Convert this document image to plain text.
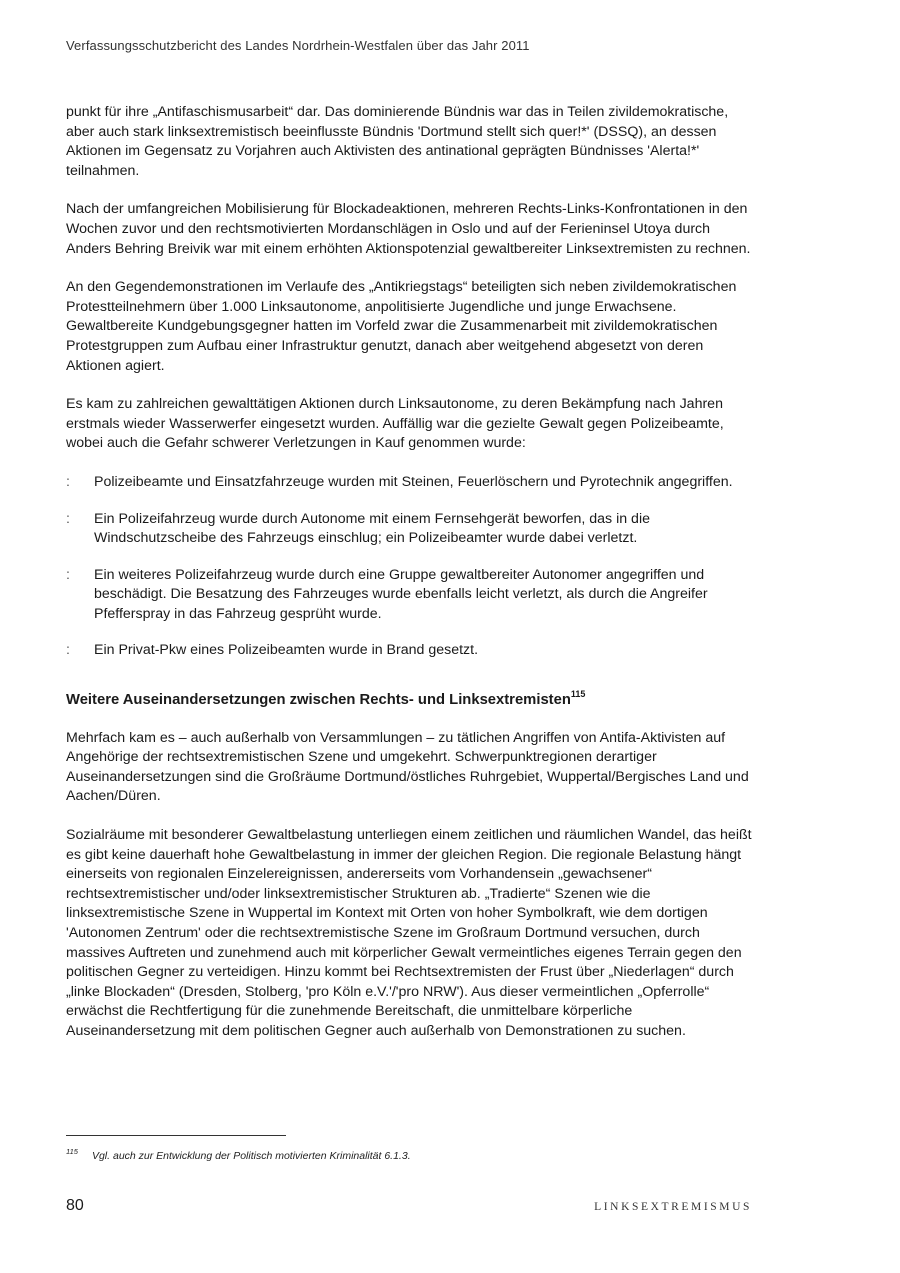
Verfassungsschutzbericht des Landes Nordrhein-Westfalen über das Jahr 2011

punkt für ihre „Antifaschismusarbeit“ dar. Das dominierende Bündnis war das in Teilen zivildemokratische, aber auch stark linksextremistisch beeinflusste Bündnis 'Dortmund stellt sich quer!*' (DSSQ), an dessen Aktionen im Gegensatz zu Vorjahren auch Aktivisten des antinational geprägten Bündnisses 'Alerta!*' teilnahmen.

Nach der umfangreichen Mobilisierung für Blockadeaktionen, mehreren Rechts-Links-Konfrontationen in den Wochen zuvor und den rechtsmotivierten Mordanschlägen in Oslo und auf der Ferieninsel Utoya durch Anders Behring Breivik war mit einem erhöhten Aktionspotenzial gewaltbereiter Linksextremisten zu rechnen.

An den Gegendemonstrationen im Verlaufe des „Antikriegstags“ beteiligten sich neben zivildemokratischen Protestteilnehmern über 1.000 Linksautonome, anpolitisierte Jugendliche und junge Erwachsene. Gewaltbereite Kundgebungsgegner hatten im Vorfeld zwar die Zusammenarbeit mit zivildemokratischen Protestgruppen zum Aufbau einer Infrastruktur genutzt, danach aber weitgehend abgesetzt von deren Aktionen agiert.

Es kam zu zahlreichen gewalttätigen Aktionen durch Linksautonome, zu deren Bekämpfung nach Jahren erstmals wieder Wasserwerfer eingesetzt wurden. Auffällig war die gezielte Gewalt gegen Polizeibeamte, wobei auch die Gefahr schwerer Verletzungen in Kauf genommen wurde:

:	Polizeibeamte und Einsatzfahrzeuge wurden mit Steinen, Feuerlöschern und Pyrotechnik angegriffen.
:	Ein Polizeifahrzeug wurde durch Autonome mit einem Fernsehgerät beworfen, das in die Windschutzscheibe des Fahrzeugs einschlug; ein Polizeibeamter wurde dabei verletzt.
:	Ein weiteres Polizeifahrzeug wurde durch eine Gruppe gewaltbereiter Autonomer angegriffen und beschädigt. Die Besatzung des Fahrzeuges wurde ebenfalls leicht verletzt, als durch die Angreifer Pfefferspray in das Fahrzeug gesprüht wurde.
:	Ein Privat-Pkw eines Polizeibeamten wurde in Brand gesetzt.
Weitere Auseinandersetzungen zwischen Rechts- und Linksextremisten$^{115}$

Mehrfach kam es – auch außerhalb von Versammlungen – zu tätlichen Angriffen von Antifa-Aktivisten auf Angehörige der rechtsextremistischen Szene und umgekehrt. Schwerpunktregionen derartiger Auseinandersetzungen sind die Großräume Dortmund/östliches Ruhrgebiet, Wuppertal/Bergisches Land und Aachen/Düren.

Sozialräume mit besonderer Gewaltbelastung unterliegen einem zeitlichen und räumlichen Wandel, das heißt es gibt keine dauerhaft hohe Gewaltbelastung in immer der gleichen Region. Die regionale Belastung hängt einerseits von regionalen Einzelereignissen, andererseits vom Vorhandensein „gewachsener“ rechtsextremistischer und/oder linksextremistischer Strukturen ab. „Tradierte“ Szenen wie die linksextremistische Szene in Wuppertal im Kontext mit Orten von hoher Symbolkraft, wie dem dortigen 'Autonomen Zentrum' oder die rechtsextremistische Szene im Großraum Dortmund versuchen, durch massives Auftreten und zunehmend auch mit körperlicher Gewalt vermeintliches eigenes Terrain gegen den politischen Gegner zu verteidigen. Hinzu kommt bei Rechtsextremisten der Frust über „Niederlagen“ durch „linke Blockaden“ (Dresden, Stolberg, 'pro Köln e.V.'/'pro NRW'). Aus dieser vermeintlichen „Opferrolle“ erwächst die Rechtfertigung für die zunehmende Bereitschaft, die unmittelbare körperliche Auseinandersetzung mit dem politischen Gegner auch außerhalb von Demonstrationen zu suchen.

$^{115}$ Vgl. auch zur Entwicklung der Politisch motivierten Kriminalität 6.1.3.
80	LINKSEXTREMISMUS
